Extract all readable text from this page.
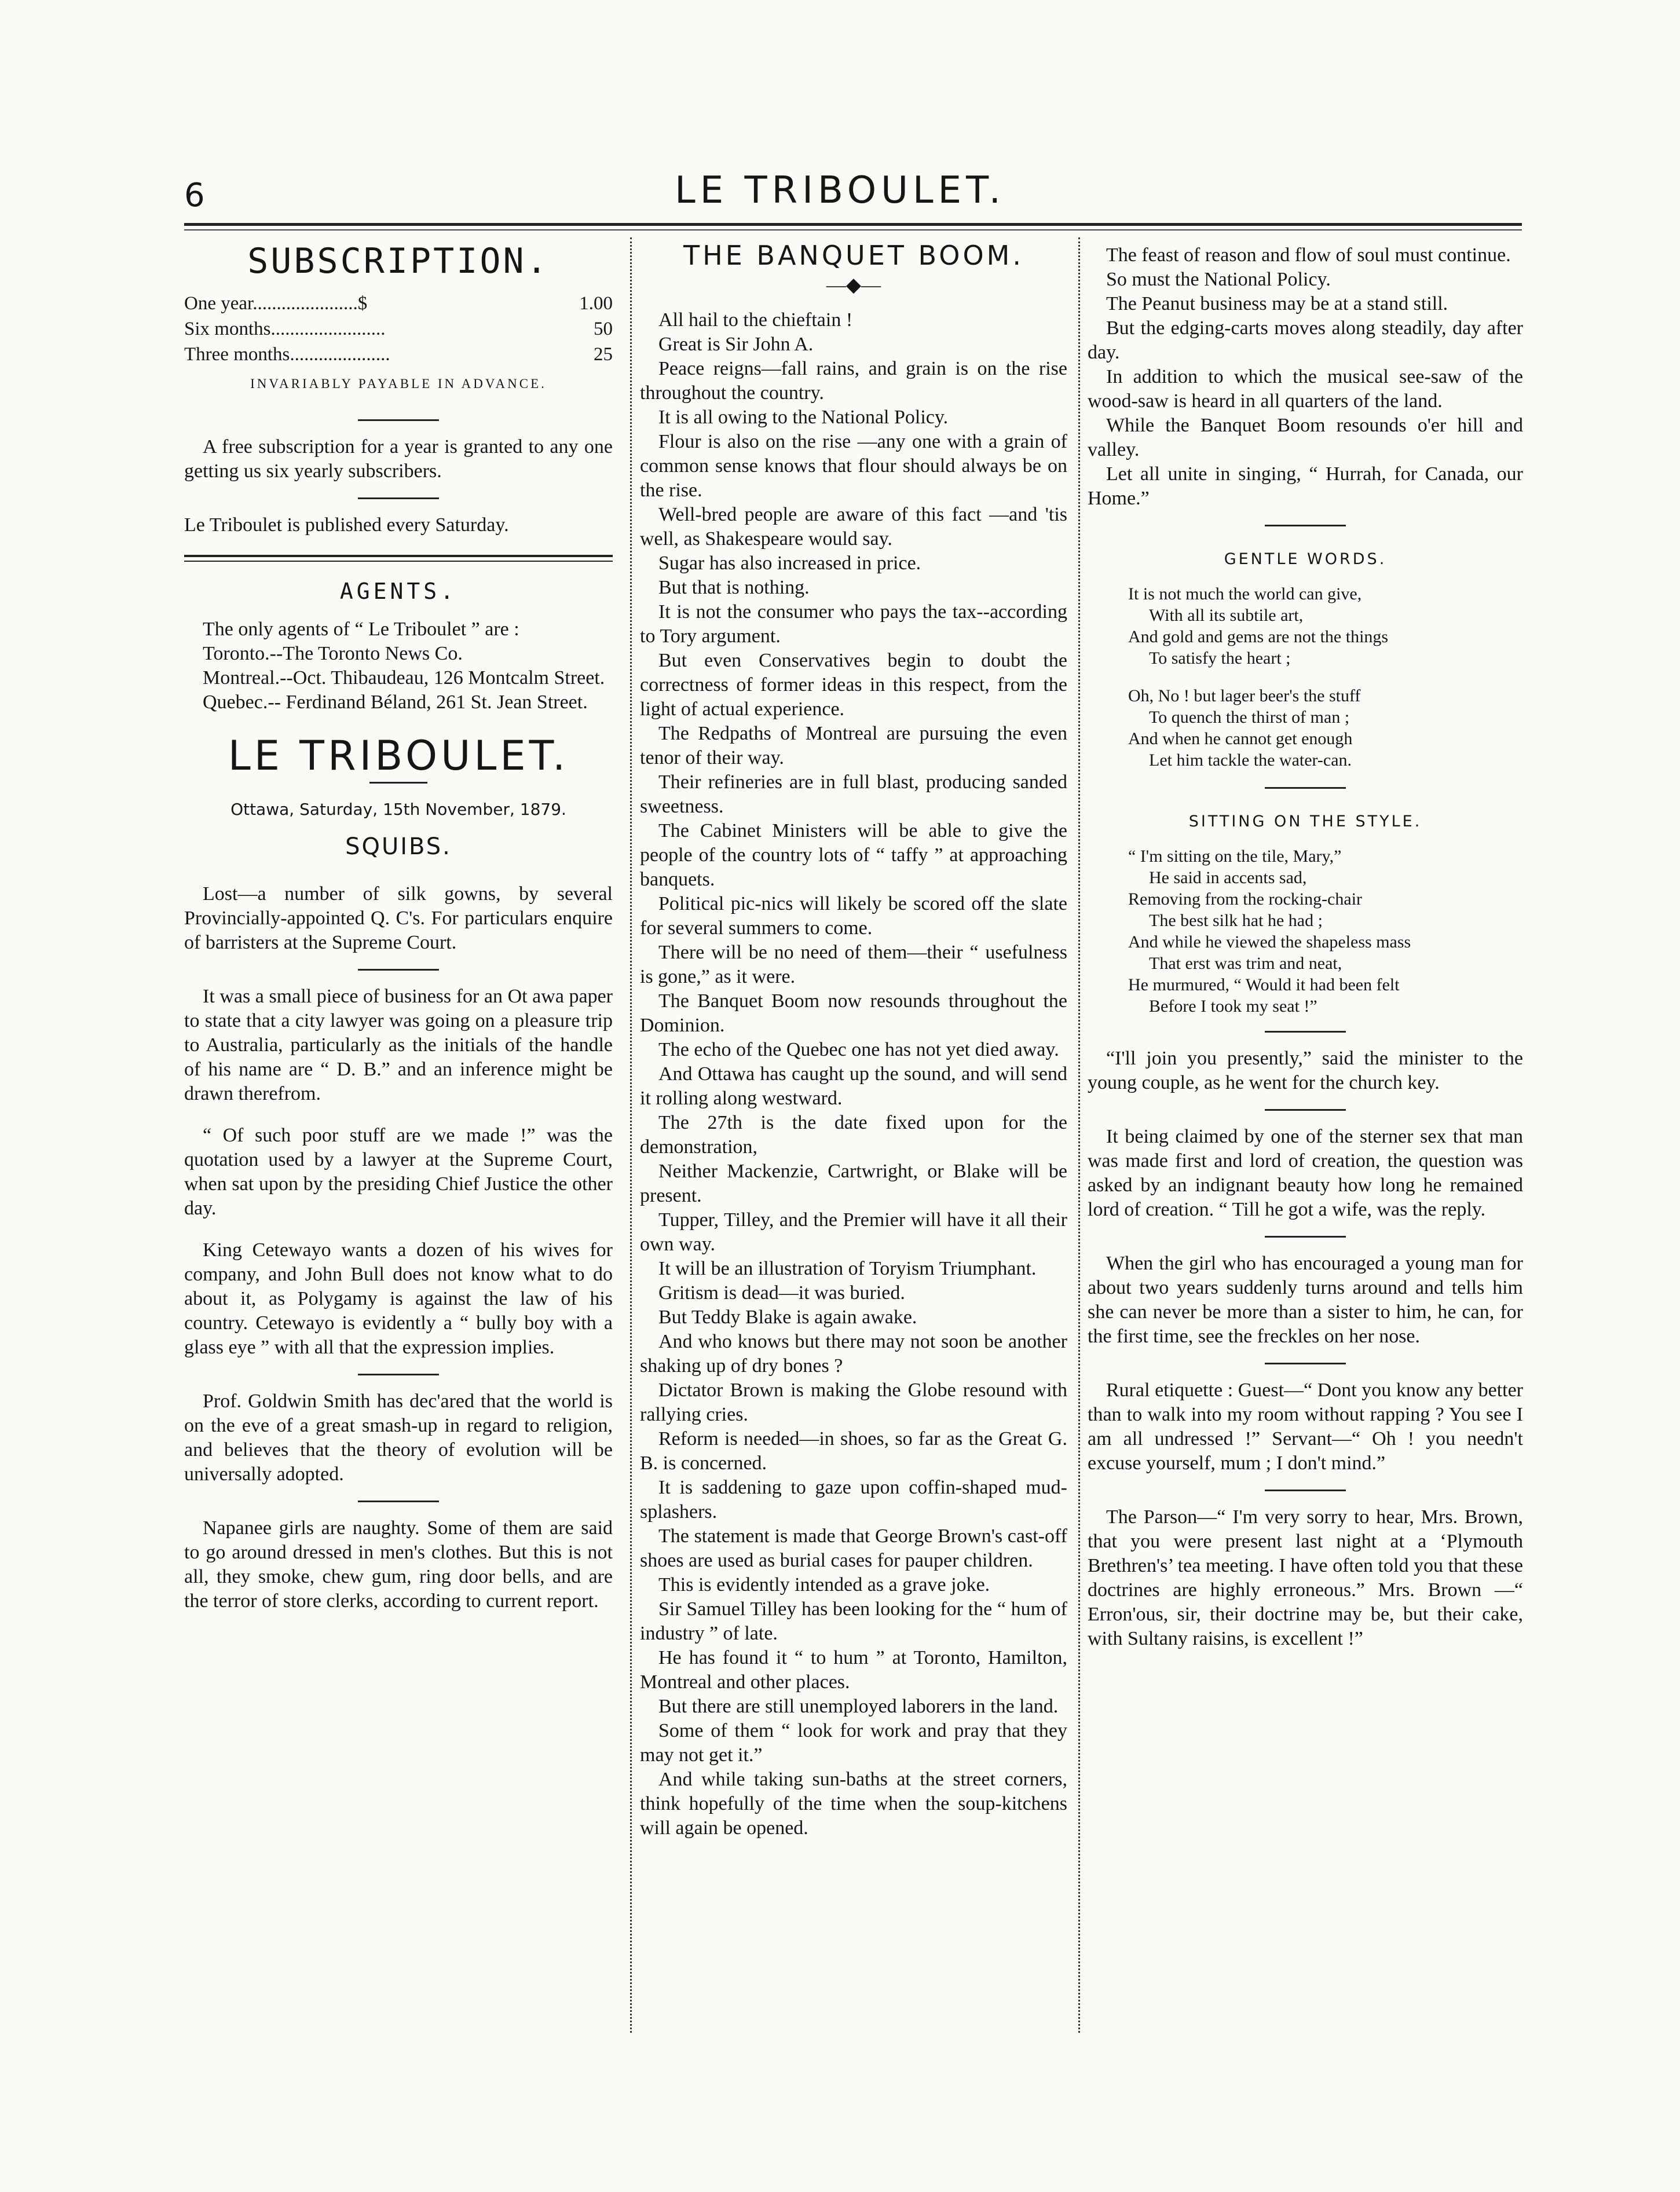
6	LE TRIBOULET.
SUBSCRIPTION.
One year......................$	1.00
Six months........................	50
Three months.....................	25
INVARIABLY PAYABLE IN ADVANCE.

A free subscription for a year is granted to any one getting us six yearly subscribers.

Le Triboulet is published every Saturday.

AGENTS.

The only agents of “ Le Triboulet ” are :

Toronto.--The Toronto News Co.

Montreal.--Oct. Thibaudeau, 126 Montcalm Street.

Quebec.-- Ferdinand Béland, 261 St. Jean Street.

LE TRIBOULET.
Ottawa, Saturday, 15th November, 1879.
SQUIBS.

Lost—a number of silk gowns, by several Provincially-appointed Q. C's. For particulars enquire of barristers at the Supreme Court.

It was a small piece of business for an Ot awa paper to state that a city lawyer was going on a pleasure trip to Australia, particularly as the initials of the handle of his name are “ D. B.” and an inference might be drawn therefrom.

“ Of such poor stuff are we made !” was the quotation used by a lawyer at the Supreme Court, when sat upon by the presiding Chief Justice the other day.

King Cetewayo wants a dozen of his wives for company, and John Bull does not know what to do about it, as Polygamy is against the law of his country. Cetewayo is evidently a “ bully boy with a glass eye ” with all that the expression implies.

Prof. Goldwin Smith has dec'ared that the world is on the eve of a great smash-up in regard to religion, and believes that the theory of evolution will be universally adopted.

Napanee girls are naughty. Some of them are said to go around dressed in men's clothes. But this is not all, they smoke, chew gum, ring door bells, and are the terror of store clerks, according to current report.

THE BANQUET BOOM.
—◆—

All hail to the chieftain !

Great is Sir John A.

Peace reigns—fall rains, and grain is on the rise throughout the country.

It is all owing to the National Policy.

Flour is also on the rise —any one with a grain of common sense knows that flour should always be on the rise.

Well-bred people are aware of this fact —and 'tis well, as Shakespeare would say.

Sugar has also increased in price.

But that is nothing.

It is not the consumer who pays the tax--according to Tory argument.

But even Conservatives begin to doubt the correctness of former ideas in this respect, from the light of actual experience.

The Redpaths of Montreal are pursuing the even tenor of their way.

Their refineries are in full blast, producing sanded sweetness.

The Cabinet Ministers will be able to give the people of the country lots of “ taffy ” at approaching banquets.

Political pic-nics will likely be scored off the slate for several summers to come.

There will be no need of them—their “ usefulness is gone,” as it were.

The Banquet Boom now resounds throughout the Dominion.

The echo of the Quebec one has not yet died away.

And Ottawa has caught up the sound, and will send it rolling along westward.

The 27th is the date fixed upon for the demonstration,

Neither Mackenzie, Cartwright, or Blake will be present.

Tupper, Tilley, and the Premier will have it all their own way.

It will be an illustration of Toryism Triumphant.

Gritism is dead—it was buried.

But Teddy Blake is again awake.

And who knows but there may not soon be another shaking up of dry bones ?

Dictator Brown is making the Globe resound with rallying cries.

Reform is needed—in shoes, so far as the Great G. B. is concerned.

It is saddening to gaze upon coffin-shaped mud-splashers.

The statement is made that George Brown's cast-off shoes are used as burial cases for pauper children.

This is evidently intended as a grave joke.

Sir Samuel Tilley has been looking for the “ hum of industry ” of late.

He has found it “ to hum ” at Toronto, Hamilton, Montreal and other places.

But there are still unemployed laborers in the land.

Some of them “ look for work and pray that they may not get it.”

And while taking sun-baths at the street corners, think hopefully of the time when the soup-kitchens will again be opened.

The feast of reason and flow of soul must continue.

So must the National Policy.

The Peanut business may be at a stand still.

But the edging-carts moves along steadily, day after day.

In addition to which the musical see-saw of the wood-saw is heard in all quarters of the land.

While the Banquet Boom resounds o'er hill and valley.

Let all unite in singing, “ Hurrah, for Canada, our Home.”

GENTLE WORDS.
It is not much the world can give,
With all its subtile art,
And gold and gems are not the things
To satisfy the heart ;
Oh, No ! but lager beer's the stuff
To quench the thirst of man ;
And when he cannot get enough
Let him tackle the water-can.
SITTING ON THE STYLE.
“ I'm sitting on the tile, Mary,”
He said in accents sad,
Removing from the rocking-chair
The best silk hat he had ;
And while he viewed the shapeless mass
That erst was trim and neat,
He murmured, “ Would it had been felt
Before I took my seat !”

“I'll join you presently,” said the minister to the young couple, as he went for the church key.

It being claimed by one of the sterner sex that man was made first and lord of creation, the question was asked by an indignant beauty how long he remained lord of creation. “ Till he got a wife, was the reply.

When the girl who has encouraged a young man for about two years suddenly turns around and tells him she can never be more than a sister to him, he can, for the first time, see the freckles on her nose.

Rural etiquette : Guest—“ Dont you know any better than to walk into my room without rapping ? You see I am all undressed !” Servant—“ Oh ! you needn't excuse yourself, mum ; I don't mind.”

The Parson—“ I'm very sorry to hear, Mrs. Brown, that you were present last night at a ‘Plymouth Brethren's’ tea meeting. I have often told you that these doctrines are highly erroneous.” Mrs. Brown —“ Erron'ous, sir, their doctrine may be, but their cake, with Sultany raisins, is excellent !”
